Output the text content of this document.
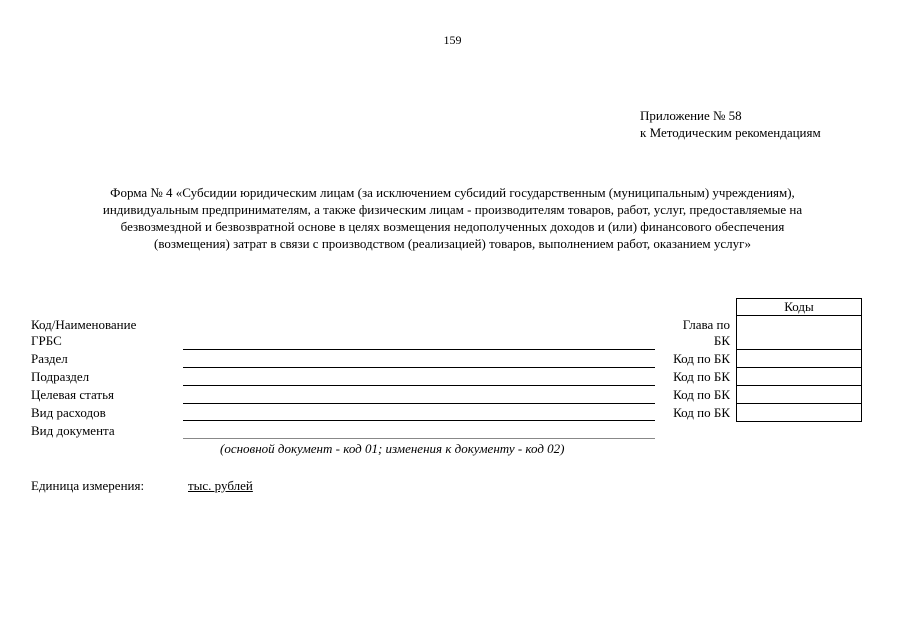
159
Приложение № 58
к Методическим рекомендациям
Форма № 4 «Субсидии юридическим лицам (за исключением субсидий государственным (муниципальным) учреждениям),
индивидуальным предпринимателям, а также физическим лицам - производителям товаров, работ, услуг, предоставляемые на
безвозмездной и безвозвратной основе в целях возмещения недополученных доходов и (или) финансового обеспечения
(возмещения) затрат в связи с производством (реализацией) товаров, выполнением работ, оказанием услуг»
Коды
Код/Наименование
ГРБС
Раздел
Подраздел
Целевая статья
Вид расходов
Вид документа
Глава по
БК
Код по БК
Код по БК
Код по БК
Код по БК
(основной документ - код 01; изменения к документу - код 02)
Единица измерения:	тыс. рублей
